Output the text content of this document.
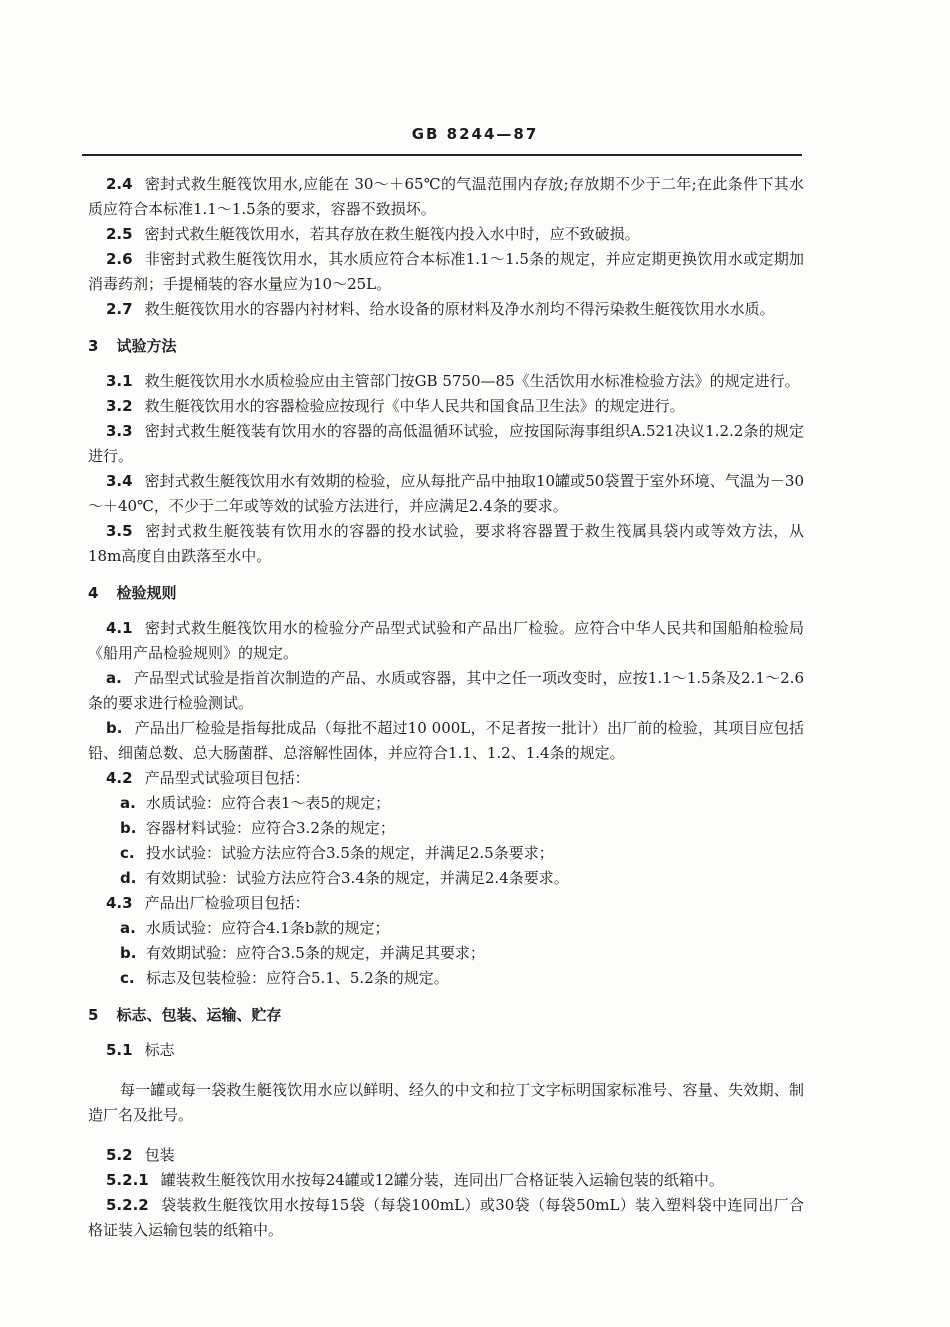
GB 8244—87

2.4 密封式救生艇筏饮用水,应能在 30～＋65℃的气温范围内存放;存放期不少于二年;在此条件下其水质应符合本标准1.1～1.5条的要求，容器不致损坏。

2.5 密封式救生艇筏饮用水，若其存放在救生艇筏内投入水中时，应不致破损。

2.6 非密封式救生艇筏饮用水，其水质应符合本标准1.1～1.5条的规定，并应定期更换饮用水或定期加消毒药剂；手提桶装的容水量应为10～25L。

2.7 救生艇筏饮用水的容器内衬材料、给水设备的原材料及净水剂均不得污染救生艇筏饮用水水质。

3 试验方法

3.1 救生艇筏饮用水水质检验应由主管部门按GB 5750—85《生活饮用水标准检验方法》的规定进行。

3.2 救生艇筏饮用水的容器检验应按现行《中华人民共和国食品卫生法》的规定进行。

3.3 密封式救生艇筏装有饮用水的容器的高低温循环试验，应按国际海事组织A.521决议1.2.2条的规定进行。

3.4 密封式救生艇筏饮用水有效期的检验，应从每批产品中抽取10罐或50袋置于室外环境、气温为－30～＋40℃，不少于二年或等效的试验方法进行，并应满足2.4条的要求。

3.5 密封式救生艇筏装有饮用水的容器的投水试验，要求将容器置于救生筏属具袋内或等效方法，从18m高度自由跌落至水中。

4 检验规则

4.1 密封式救生艇筏饮用水的检验分产品型式试验和产品出厂检验。应符合中华人民共和国船舶检验局《船用产品检验规则》的规定。

a. 产品型式试验是指首次制造的产品、水质或容器，其中之任一项改变时，应按1.1～1.5条及2.1～2.6条的要求进行检验测试。

b. 产品出厂检验是指每批成品（每批不超过10 000L，不足者按一批计）出厂前的检验，其项目应包括铅、细菌总数、总大肠菌群、总溶解性固体，并应符合1.1、1.2、1.4条的规定。

4.2 产品型式试验项目包括：

a. 水质试验：应符合表1～表5的规定；
b. 容器材料试验：应符合3.2条的规定；
c. 投水试验：试验方法应符合3.5条的规定，并满足2.5条要求；
d. 有效期试验：试验方法应符合3.4条的规定，并满足2.4条要求。

4.3 产品出厂检验项目包括：

a. 水质试验：应符合4.1条b款的规定；
b. 有效期试验：应符合3.5条的规定，并满足其要求；
c. 标志及包装检验：应符合5.1、5.2条的规定。
5 标志、包装、运输、贮存

5.1 标志

每一罐或每一袋救生艇筏饮用水应以鲜明、经久的中文和拉丁文字标明国家标准号、容量、失效期、制造厂名及批号。

5.2 包装

5.2.1 罐装救生艇筏饮用水按每24罐或12罐分装，连同出厂合格证装入运输包装的纸箱中。

5.2.2 袋装救生艇筏饮用水按每15袋（每袋100mL）或30袋（每袋50mL）装入塑料袋中连同出厂合格证装入运输包装的纸箱中。
